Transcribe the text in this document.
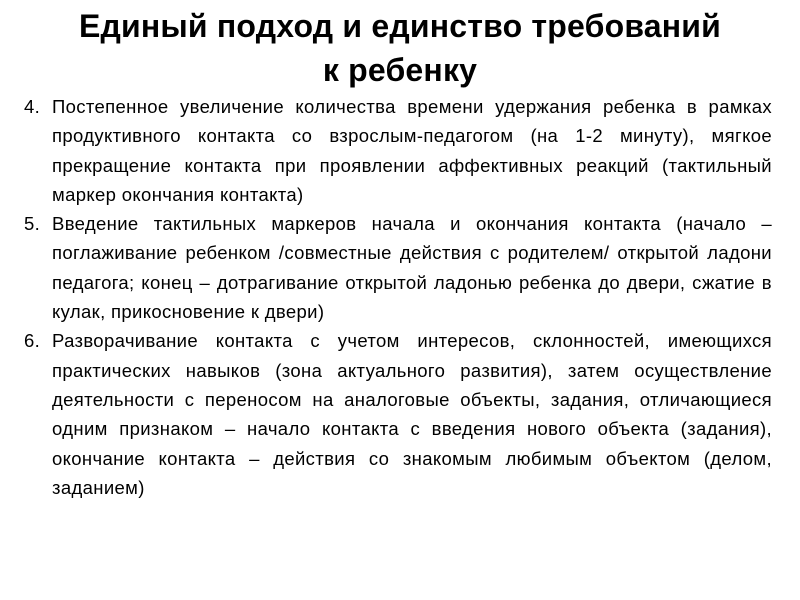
Единый подход и единство требований
к ребенку
4. Постепенное увеличение количества времени удержания ребенка в рамках продуктивного контакта со взрослым-педагогом (на 1-2 минуту), мягкое прекращение контакта при проявлении аффективных реакций (тактильный маркер окончания контакта)
5. Введение тактильных маркеров начала и окончания контакта (начало – поглаживание ребенком /совместные действия с родителем/ открытой ладони педагога; конец – дотрагивание открытой ладонью ребенка до двери, сжатие в кулак, прикосновение к двери)
6. Разворачивание контакта с учетом интересов, склонностей, имеющихся практических навыков (зона актуального развития), затем осуществление деятельности с переносом на аналоговые объекты, задания, отличающиеся одним признаком – начало контакта с введения нового объекта (задания), окончание контакта – действия со знакомым любимым объектом (делом, заданием)
